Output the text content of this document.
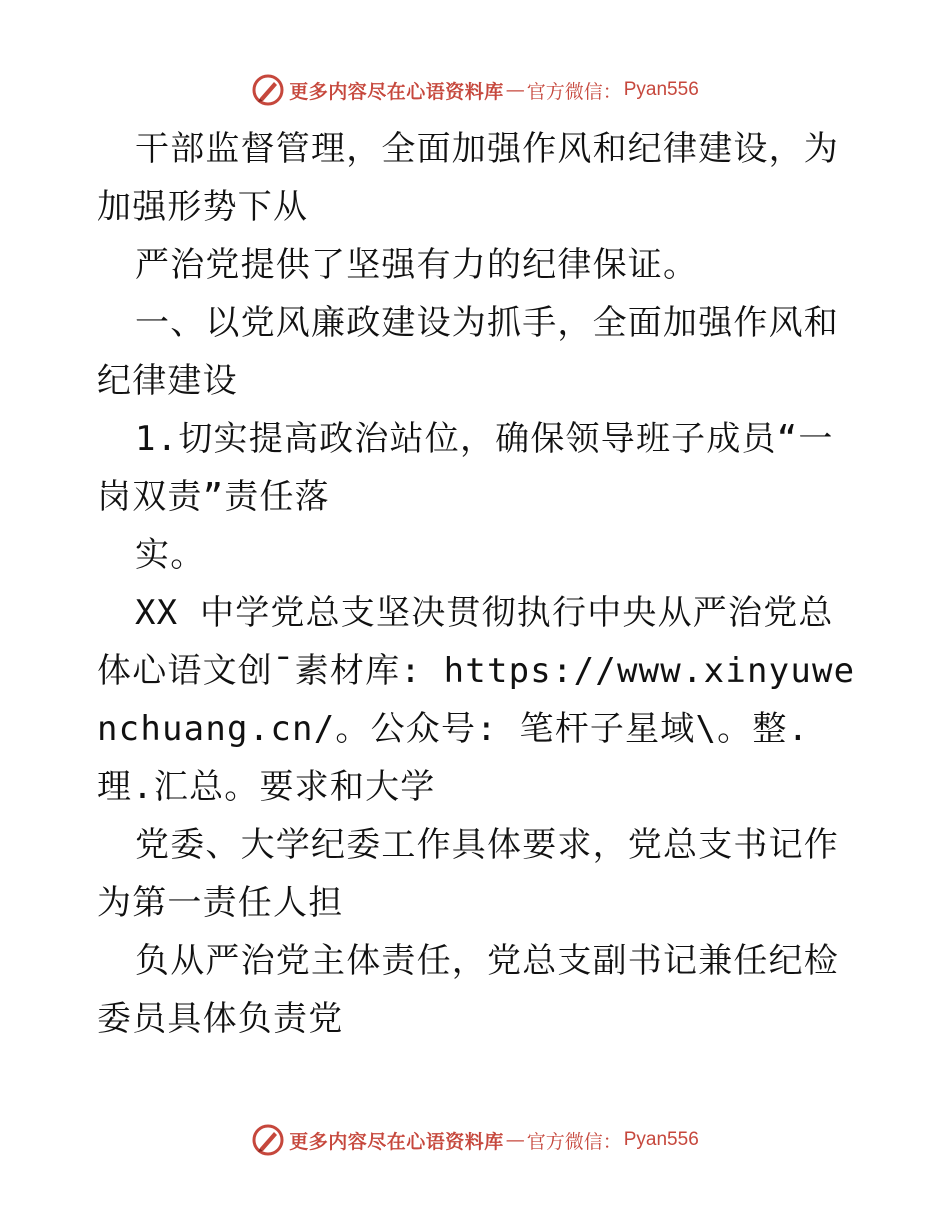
更多内容尽在心语资料库 — 官方微信： Pyan556

干部监督管理，全面加强作风和纪律建设，为加强形势下从

严治党提供了坚强有力的纪律保证。

一、以党风廉政建设为抓手，全面加强作风和纪律建设

1.切实提高政治站位，确保领导班子成员“一岗双责”责任落

实。

XX 中学党总支坚决贯彻执行中央从严治党总体心语文创¯素材库: https://www.xinyuwenchuang.cn/。公众号: 笔杆子星域\。整.理.汇总。要求和大学

党委、大学纪委工作具体要求，党总支书记作为第一责任人担

负从严治党主体责任，党总支副书记兼任纪检委员具体负责党

更多内容尽在心语资料库 — 官方微信： Pyan556
